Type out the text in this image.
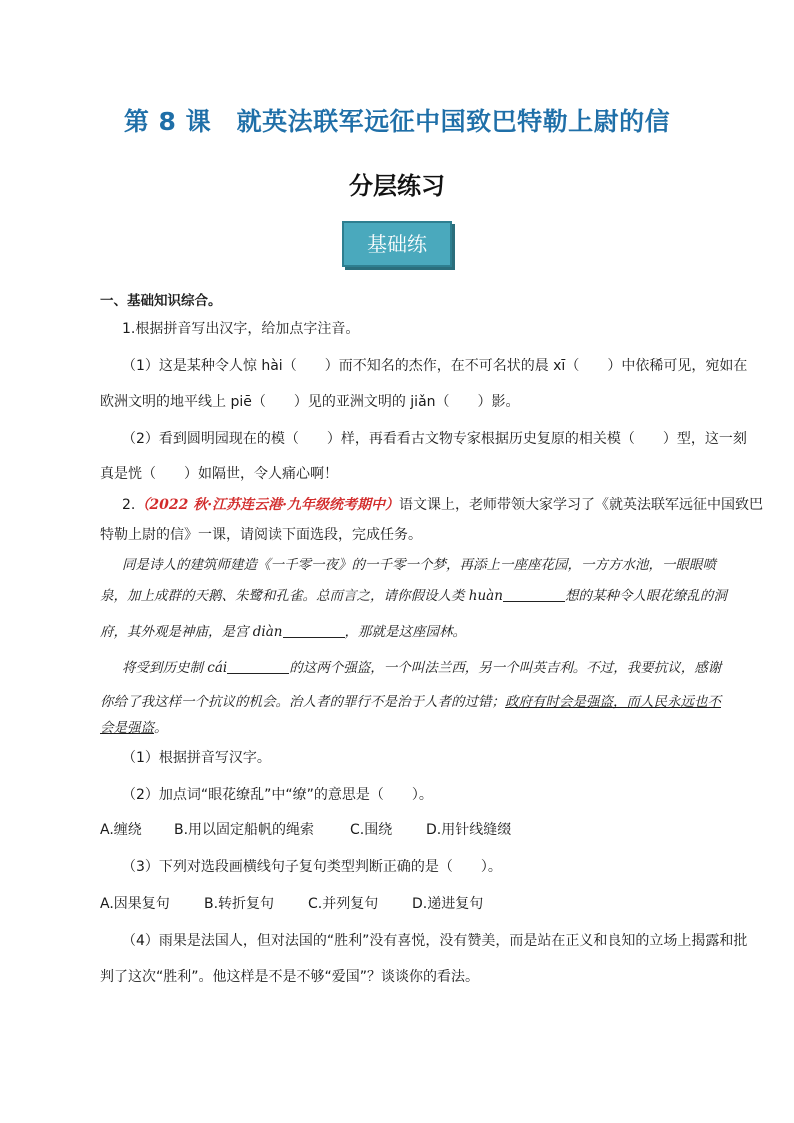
第 8 课　就英法联军远征中国致巴特勒上尉的信
分层练习
基础练
一、基础知识综合。
1.根据拼音写出汉字，给加点字注音。
（1）这是某种令人惊 hài（　　）而不知名的杰作，在不可名状的晨 xī（　　）中依稀可见，宛如在
欧洲文明的地平线上 piē（　　）见的亚洲文明的 jiǎn（　　）影。
（2）看到圆明园现在的模（　　）样，再看看古文物专家根据历史复原的相关模（　　）型，这一刻
真是恍（　　）如隔世，令人痛心啊！
2.（2022 秋·江苏连云港·九年级统考期中）语文课上，老师带领大家学习了《就英法联军远征中国致巴
特勒上尉的信》一课，请阅读下面选段，完成任务。
同是诗人的建筑师建造《一千零一夜》的一千零一个梦，再添上一座座花园，一方方水池，一眼眼喷
泉，加上成群的天鹅、朱鹭和孔雀。总而言之，请你假设人类 huàn	想的某种令人眼花缭乱的洞
府，其外观是神庙，是宫 diàn	，那就是这座园林。
将受到历史制 cái	的这两个强盗，一个叫法兰西，另一个叫英吉利。不过，我要抗议，感谢
你给了我这样一个抗议的机会。治人者的罪行不是治于人者的过错；政府有时会是强盗，而人民永远也不
会是强盗。
（1）根据拼音写汉字。
（2）加点词“眼花缭乱”中“缭”的意思是（　　）。
A.缠绕 B.用以固定船帆的绳索	C.围绕 D.用针线缝缀
（3）下列对选段画横线句子复句类型判断正确的是（　　）。
A.因果复句 B.转折复句 C.并列复句 D.递进复句
（4）雨果是法国人，但对法国的“胜利”没有喜悦，没有赞美，而是站在正义和良知的立场上揭露和批
判了这次“胜利”。他这样是不是不够“爱国”？谈谈你的看法。
